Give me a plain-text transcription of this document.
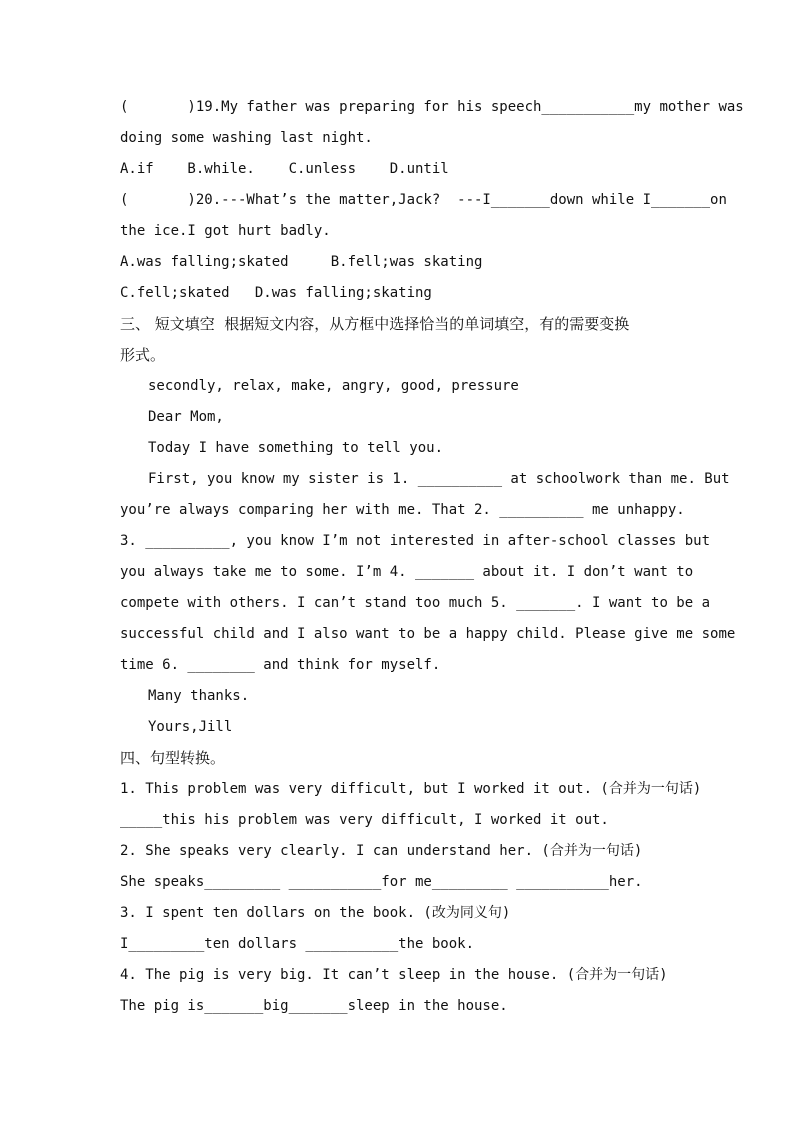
(       )19.My father was preparing for his speech___________my mother was
doing some washing last night.
A.if    B.while.    C.unless    D.until
(       )20.---What’s the matter,Jack?  ---I_______down while I_______on
the ice.I got hurt badly.
A.was falling;skated     B.fell;was skating
C.fell;skated   D.was falling;skating
三、 短文填空  根据短文内容，从方框中选择恰当的单词填空，有的需要变换
形式。
secondly, relax, make, angry, good, pressure
Dear Mom,
Today I have something to tell you.
First, you know my sister is 1. __________ at schoolwork than me. But
you’re always comparing her with me. That 2. __________ me unhappy.
3. __________, you know I’m not interested in after-school classes but
you always take me to some. I’m 4. _______ about it. I don’t want to
compete with others. I can’t stand too much 5. _______. I want to be a
successful child and I also want to be a happy child. Please give me some
time 6. ________ and think for myself.
Many thanks.
Yours,Jill
四、句型转换。
1. This problem was very difficult, but I worked it out. (合并为一句话)
_____this his problem was very difficult, I worked it out.
2. She speaks very clearly. I can understand her. (合并为一句话)
She speaks_________ ___________for me_________ ___________her.
3. I spent ten dollars on the book. (改为同义句)
I_________ten dollars ___________the book.
4. The pig is very big. It can’t sleep in the house. (合并为一句话)
The pig is_______big_______sleep in the house.
